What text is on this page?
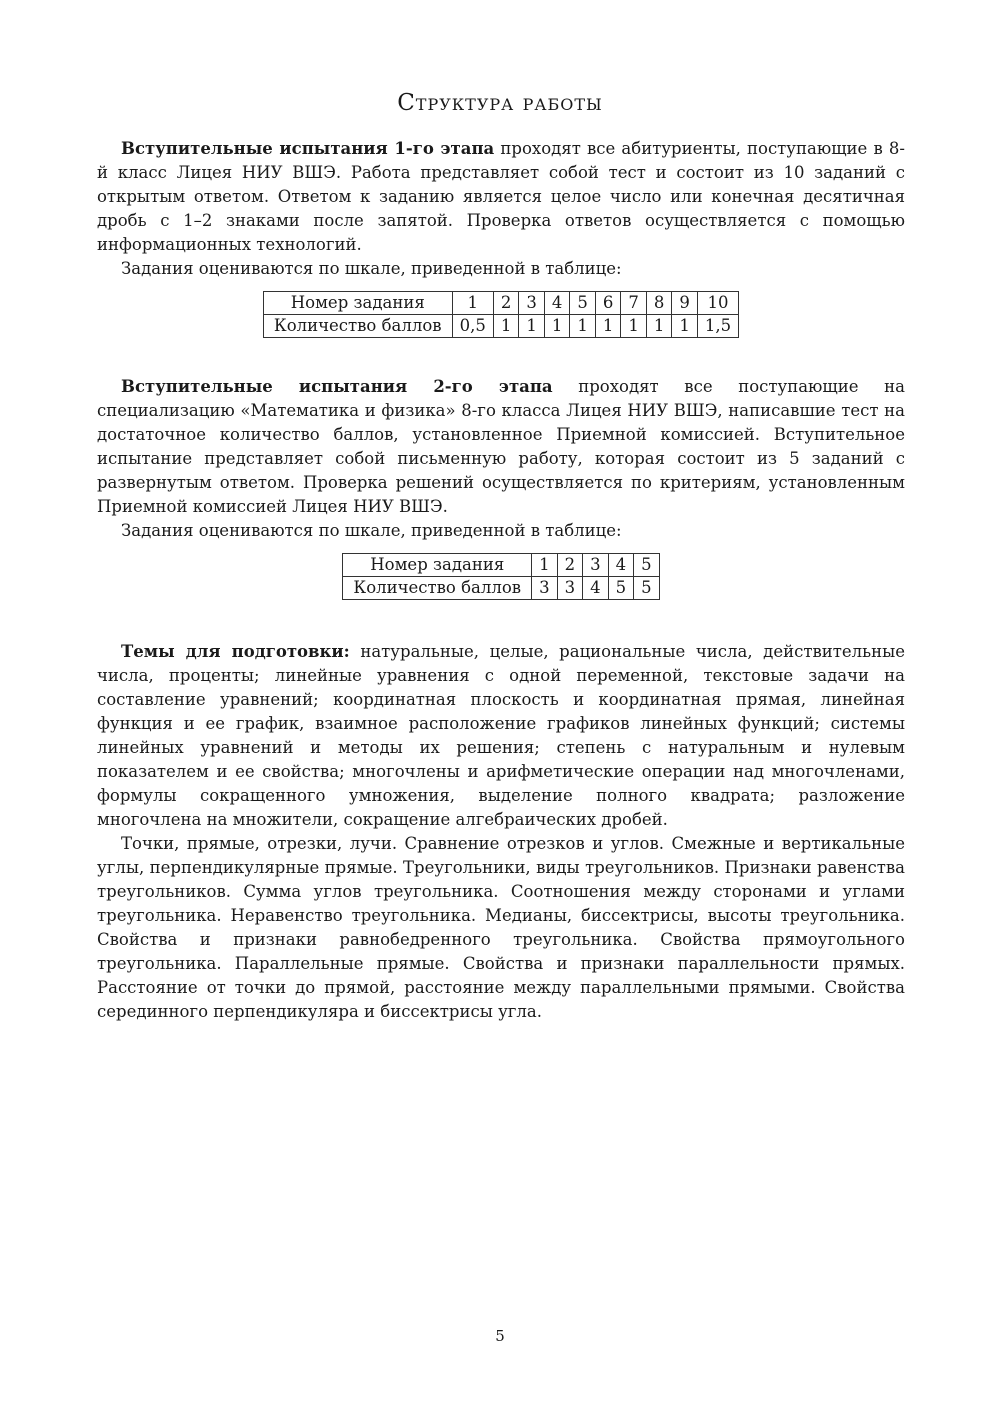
Структура работы

Вступительные испытания 1-го этапа проходят все абитуриенты, поступающие в 8-й класс Лицея НИУ ВШЭ. Работа представляет собой тест и состоит из 10 заданий с открытым ответом. Ответом к заданию является целое число или конечная десятичная дробь с 1–2 знаками после запятой. Проверка ответов осуществляется с помощью информационных технологий.

Задания оцениваются по шкале, приведенной в таблице:

Номер задания	1	2	3	4	5	6	7	8	9	10
Количество баллов	0,5	1	1	1	1	1	1	1	1	1,5

Вступительные испытания 2-го этапа проходят все поступающие на специализацию «Математика и физика» 8-го класса Лицея НИУ ВШЭ, написавшие тест на достаточное количество баллов, установленное Приемной комиссией. Вступительное испытание представляет собой письменную работу, которая состоит из 5 заданий с развернутым ответом. Проверка решений осуществляется по критериям, установленным Приемной комиссией Лицея НИУ ВШЭ.

Задания оцениваются по шкале, приведенной в таблице:

Номер задания	1	2	3	4	5
Количество баллов	3	3	4	5	5

Темы для подготовки: натуральные, целые, рациональные числа, действительные числа, проценты; линейные уравнения с одной переменной, текстовые задачи на составление уравнений; координатная плоскость и координатная прямая, линейная функция и ее график, взаимное расположение графиков линейных функций; системы линейных уравнений и методы их решения; степень с натуральным и нулевым показателем и ее свойства; многочлены и арифметические операции над многочленами, формулы сокращенного умножения, выделение полного квадрата; разложение многочлена на множители, сокращение алгебраических дробей.

Точки, прямые, отрезки, лучи. Сравнение отрезков и углов. Смежные и вертикальные углы, перпендикулярные прямые. Треугольники, виды треугольников. Признаки равенства треугольников. Сумма углов треугольника. Соотношения между сторонами и углами треугольника. Неравенство треугольника. Медианы, биссектрисы, высоты треугольника. Свойства и признаки равнобедренного треугольника. Свойства прямоугольного треугольника. Параллельные прямые. Свойства и признаки параллельности прямых. Расстояние от точки до прямой, расстояние между параллельными прямыми. Свойства серединного перпендикуляра и биссектрисы угла.

5
